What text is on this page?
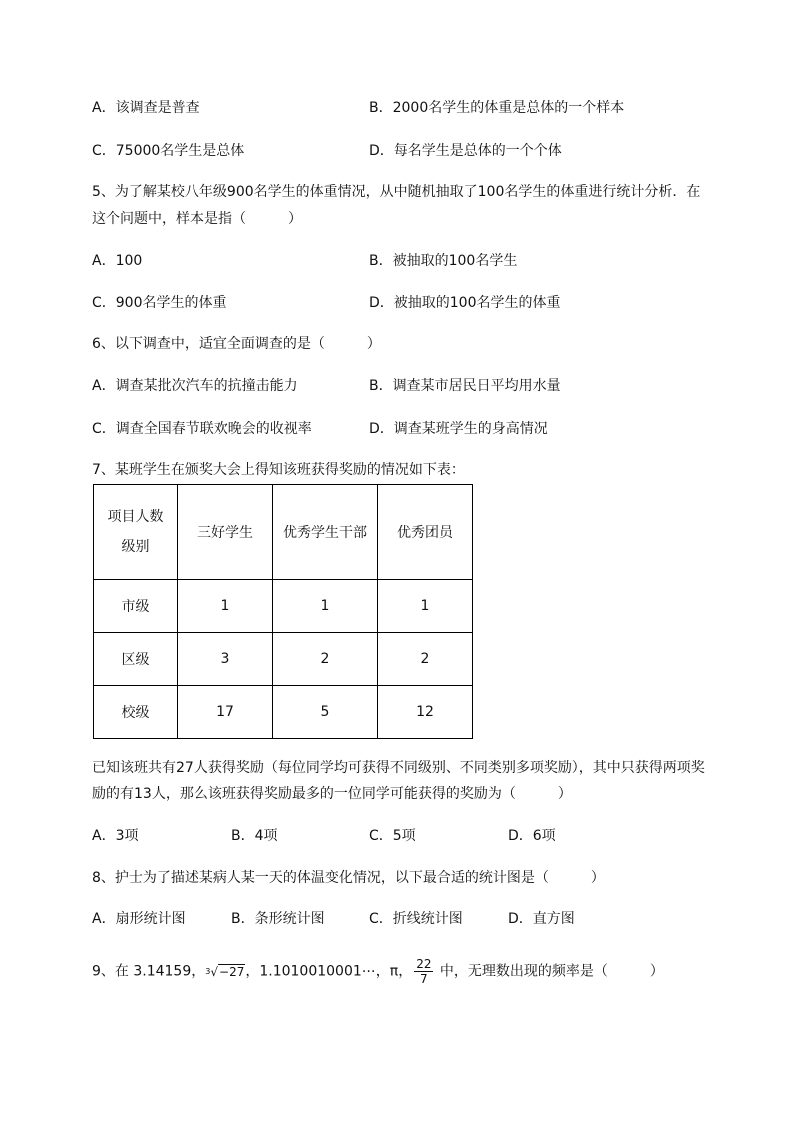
A．该调查是普查	B．2000名学生的体重是总体的一个样本
C．75000名学生是总体	D．每名学生是总体的一个个体
5、为了解某校八年级900名学生的体重情况，从中随机抽取了100名学生的体重进行统计分析．在
这个问题中，样本是指（　　　）
A．100	B．被抽取的100名学生
C．900名学生的体重	D．被抽取的100名学生的体重
6、以下调查中，适宜全面调查的是（　　　）
A．调查某批次汽车的抗撞击能力	B．调查某市居民日平均用水量
C．调查全国春节联欢晚会的收视率	D．调查某班学生的身高情况
7、某班学生在颁奖大会上得知该班获得奖励的情况如下表：
项目人数
级别	三好学生	优秀学生干部	优秀团员
市级	1	1	1
区级	3	2	2
校级	17	5	12
已知该班共有27人获得奖励（每位同学均可获得不同级别、不同类别多项奖励），其中只获得两项奖
励的有13人，那么该班获得奖励最多的一位同学可能获得的奖励为（　　　）
A．3项	B．4项	C．5项	D．6项
8、护士为了描述某病人某一天的体温变化情况，以下最合适的统计图是（　　　）
A．扇形统计图	B．条形统计图	C．折线统计图	D．直方图
9、在 3.14159，$^3$√−27，1.1010010001⋯，π， $\frac{22}{7}$ 中，无理数出现的频率是（　　　）
